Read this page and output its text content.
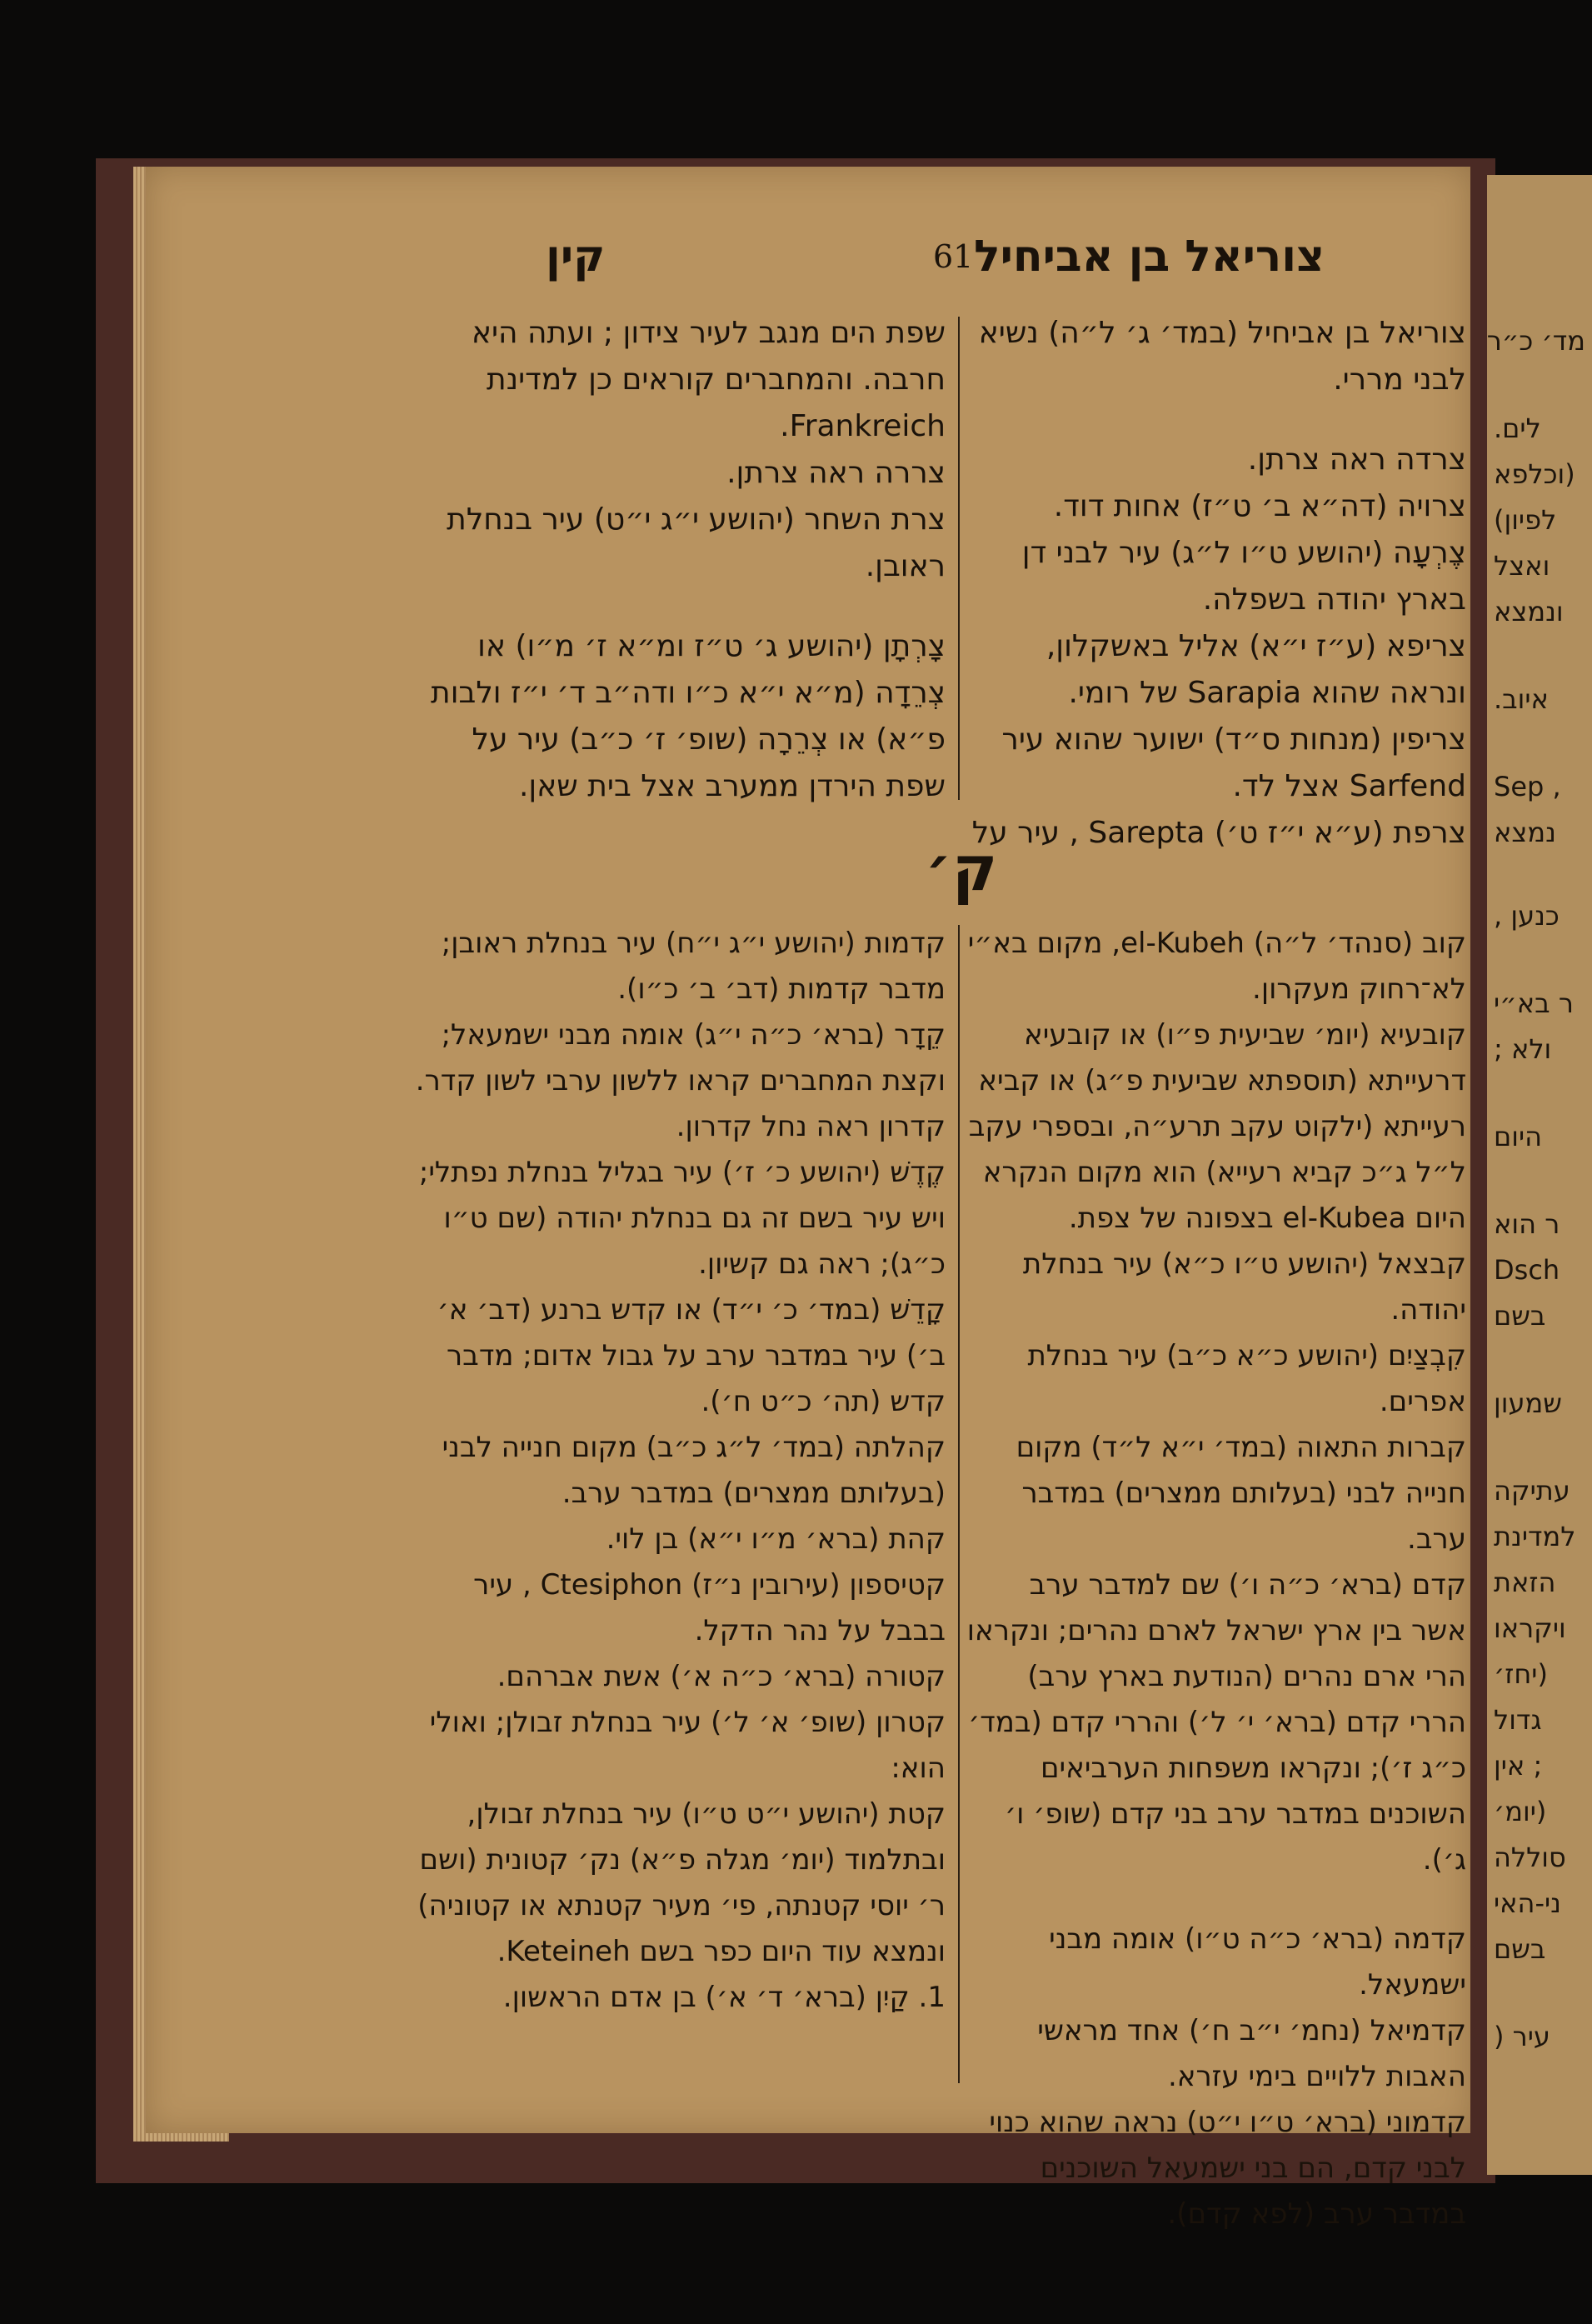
צוריאל בן אביחיל
61
קין

צוריאל בן אביחיל (במד׳ ג׳ ל״ה) נשיא לבני מררי.

צרדה ראה צרתן.

צרויה (דה״א ב׳ ט״ז) אחות דוד.

צֶרְעָה (יהושע ט״ו ל״ג) עיר לבני דן בארץ יהודה בשפלה.

צריפא (ע״ז י״א) אליל באשקלון, ונראה שהוא Sarapia של רומי.

צריפין (מנחות ס״ד) ישוער שהוא עיר Sarfend אצל לד.

צרפת (ע״א י״ז ט׳) Sarepta , עיר על

שפת הים מנגב לעיר צידון ; ועתה היא חרבה. והמחברים קוראים כן למדינת Frankreich.

צררה ראה צרתן.

צרת השחר (יהושע י״ג י״ט) עיר בנחלת ראובן.

צָרְתָן (יהושע ג׳ ט״ז ומ״א ז׳ מ״ו) או צְרֵדָה (מ״א י״א כ״ו ודה״ב ד׳ י״ז ולבות פ״א) או צְרֵרָה (שופ׳ ז׳ כ״ב) עיר על שפת הירדן ממערב אצל בית שאן.

ק׳

קוב (סנהד׳ ל״ה) el-Kubeh, מקום בא״י לא־רחוק מעקרון.

קובעיא (יומ׳ שביעית פ״ו) או קובעיא דרעייתא (תוספתא שביעית פ״ג) או קביא רעייתא (ילקוט עקב תרע״ה, ובספרי עקב ל״ל ג״כ קביא רעייא) הוא מקום הנקרא היום el-Kubea בצפונה של צפת.

קבצאל (יהושע ט״ו כ״א) עיר בנחלת יהודה.

קִבְצַיִם (יהושע כ״א כ״ב) עיר בנחלת אפרים.

קברות התאוה (במד׳ י״א ל״ד) מקום חנייה לבני (בעלותם ממצרים) במדבר ערב.

קדם (ברא׳ כ״ה ו׳) שם למדבר ערב אשר בין ארץ ישראל לארם נהרים; ונקראו הרי ארם נהרים (הנודעת בארץ ערב) הררי קדם (ברא׳ י׳ ל׳) והררי קדם (במד׳ כ״ג ז׳); ונקראו משפחות הערביאים השוכנים במדבר ערב בני קדם (שופ׳ ו׳ ג׳).

קדמה (ברא׳ כ״ה ט״ו) אומה מבני ישמעאל.

קדמיאל (נחמ׳ י״ב ח׳) אחד מראשי האבות ללויים בימי עזרא.

קדמוני (ברא׳ ט״ו י״ט) נראה שהוא כנוי לבני קדם, הם בני ישמעאל השוכנים במדבר ערב (לפא קדם).

קדמות (יהושע י״ג י״ח) עיר בנחלת ראובן; מדבר קדמות (דב׳ ב׳ כ״ו).

קֵדָר (ברא׳ כ״ה י״ג) אומה מבני ישמעאל; וקצת המחברים קראו ללשון ערבי לשון קדר.

קדרון ראה נחל קדרון.

קֶדֶשׁ (יהושע כ׳ ז׳) עיר בגליל בנחלת נפתלי; ויש עיר בשם זה גם בנחלת יהודה (שם ט״ו כ״ג); ראה גם קשיון.

קָדֵשׁ (במד׳ כ׳ י״ד) או קדש ברנע (דב׳ א׳ ב׳) עיר במדבר ערב על גבול אדום; מדבר קדש (תה׳ כ״ט ח׳).

קהלתה (במד׳ ל״ג כ״ב) מקום חנייה לבני (בעלותם ממצרים) במדבר ערב.

קהת (ברא׳ מ״ו י״א) בן לוי.

קטיספון (עירובין נ״ז) Ctesiphon , עיר בבבל על נהר הדקל.

קטורה (ברא׳ כ״ה א׳) אשת אברהם.

קטרון (שופ׳ א׳ ל׳) עיר בנחלת זבולן; ואולי הוא:

קטת (יהושע י״ט ט״ו) עיר בנחלת זבולן, ובתלמוד (יומ׳ מגלה פ״א) נק׳ קטונית (ושם ר׳ יוסי קטנתה, פי׳ מעיר קטנתא או קטוניה) ונמצא עוד היום כפר בשם Keteineh.

1. קַיִן (ברא׳ ד׳ א׳) בן אדם הראשון.

מד׳ כ״ר
לים.
(וכלפא
לפיון)
ואצל
ונמצא
איוב.
, Sep
נמצא
כנען ,
ר בא״י
ולא ;
היום
ר הוא
Dsch
בשם
שמעון
עתיקה
למדינת
הזאת
ויקראו
(יחז׳
גדול
; אין
(יומ׳
סוללה
ני-האי
בשם
עיר (
